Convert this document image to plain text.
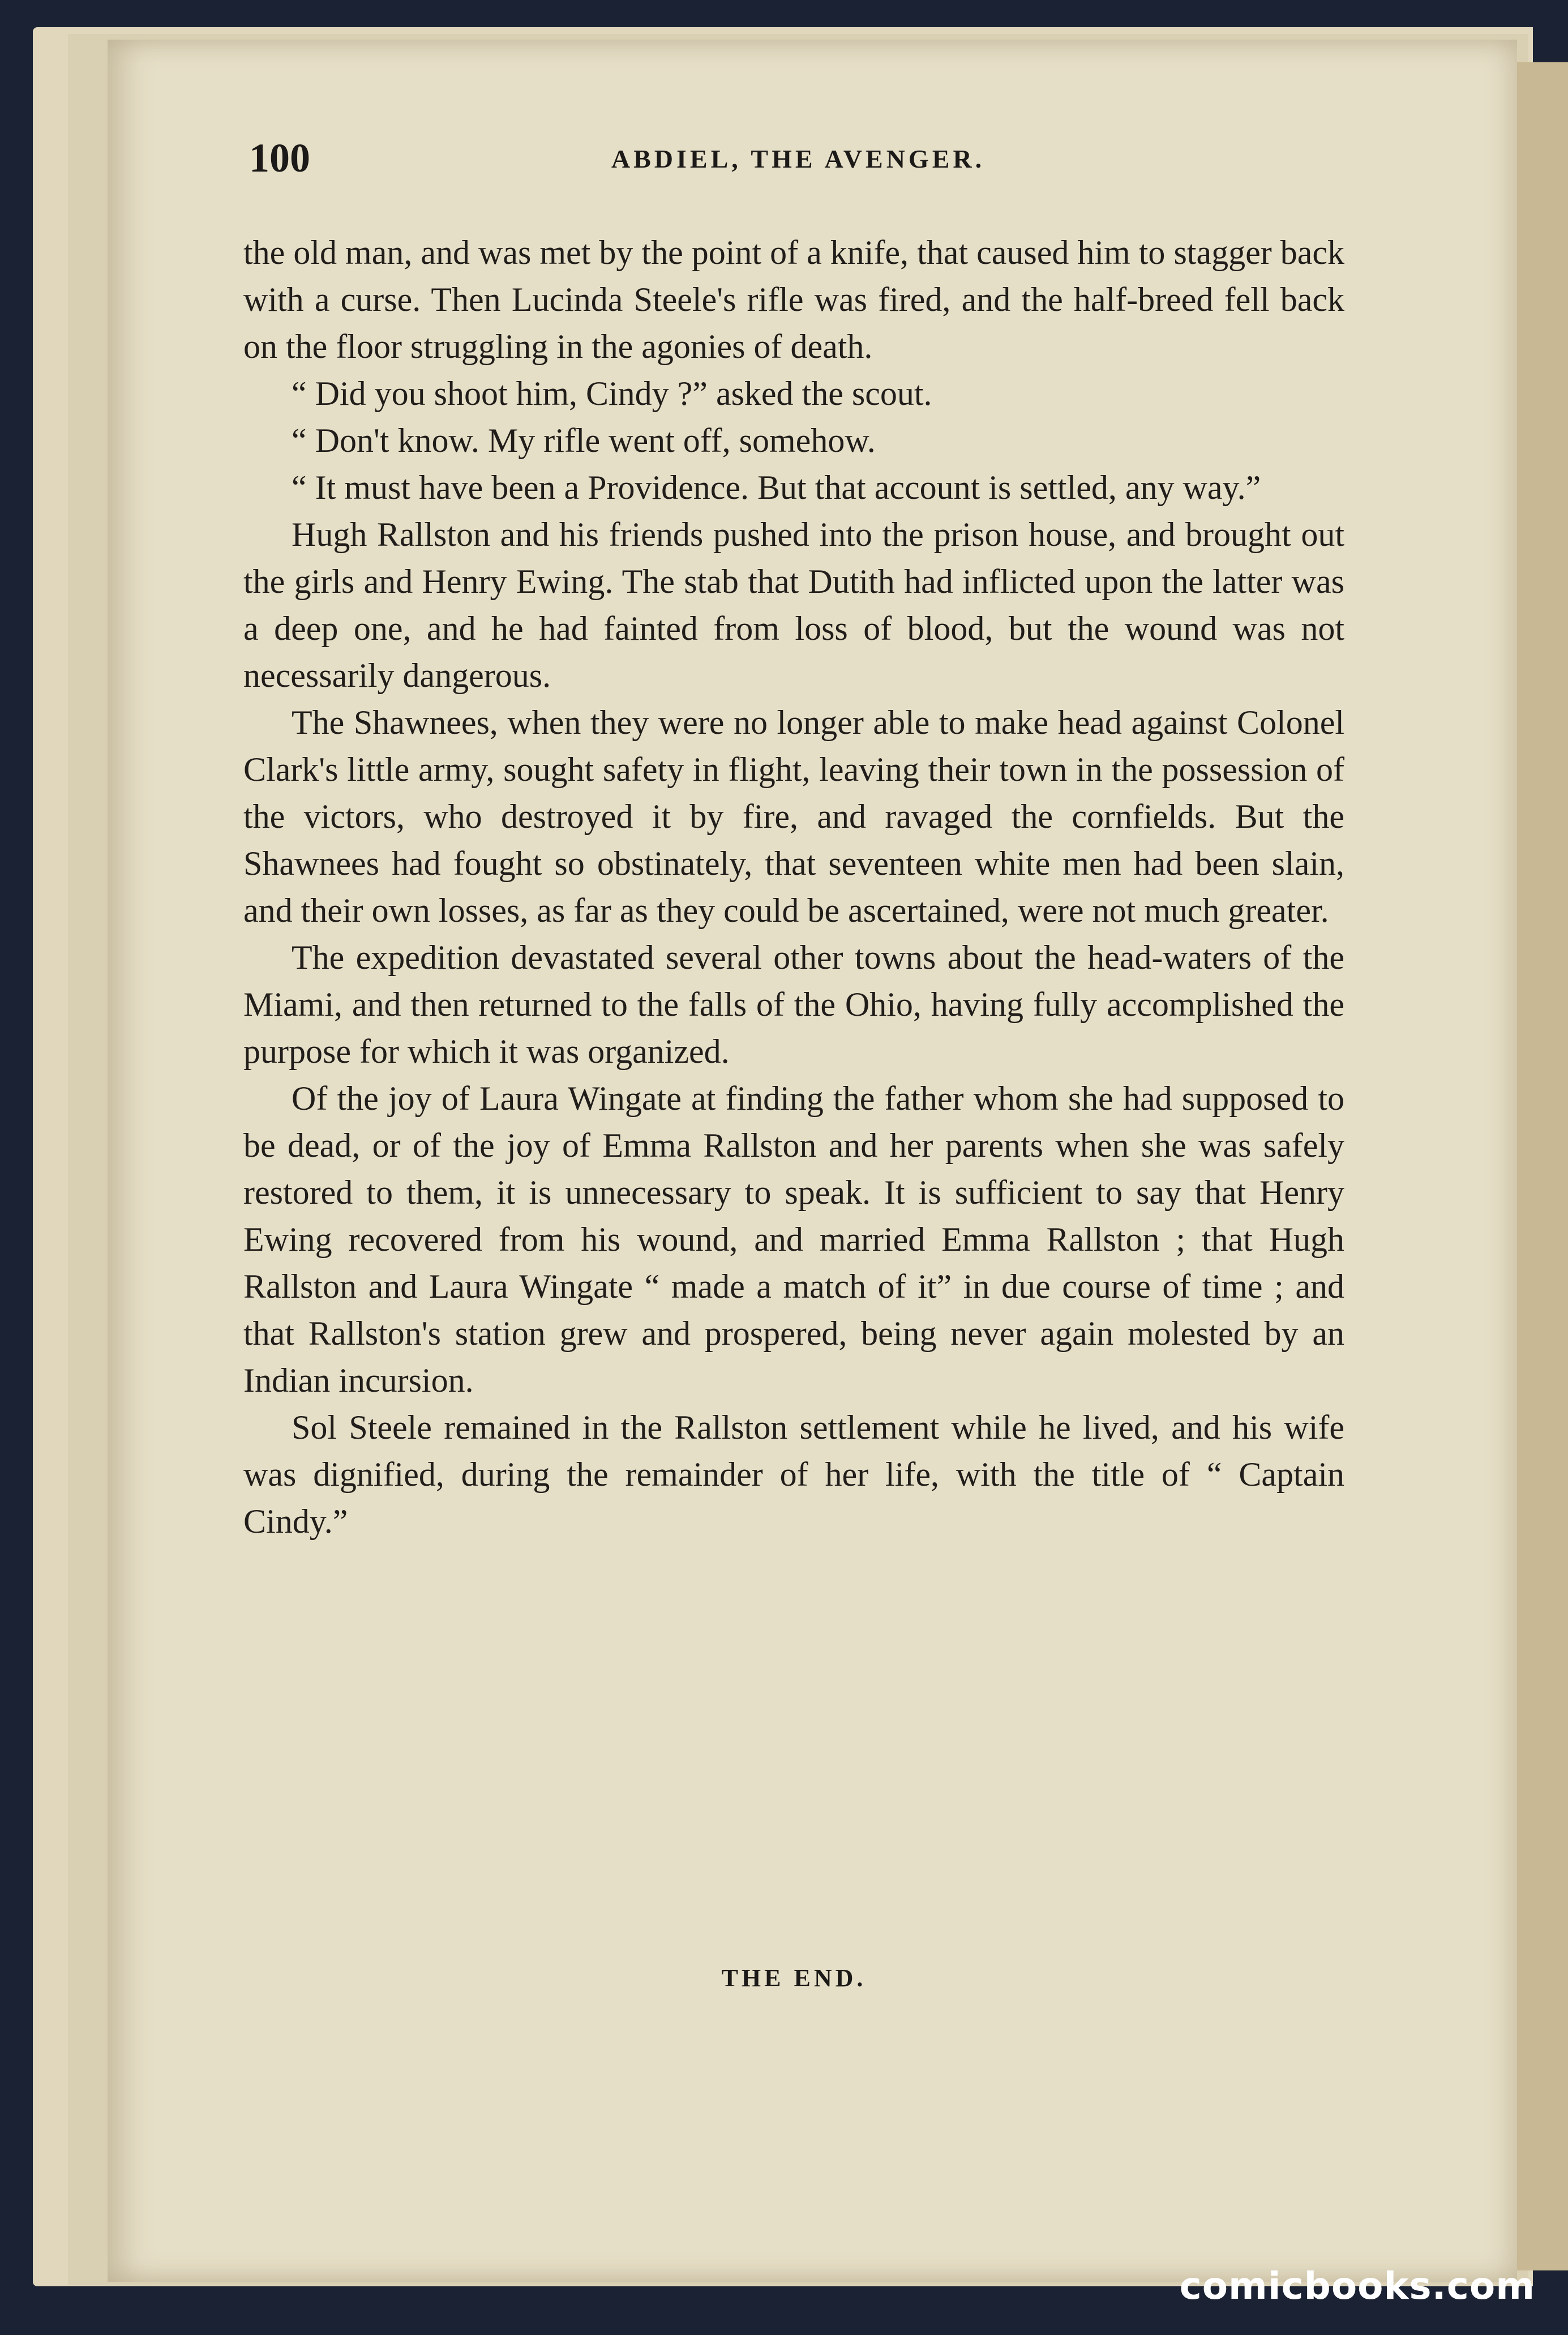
100	ABDIEL, THE AVENGER.

the old man, and was met by the point of a knife, that caused him to stagger back with a curse. Then Lucinda Steele's rifle was fired, and the half-breed fell back on the floor struggling in the agonies of death.

“ Did you shoot him, Cindy ?” asked the scout.

“ Don't know. My rifle went off, somehow.

“ It must have been a Providence. But that account is settled, any way.”

Hugh Rallston and his friends pushed into the prison house, and brought out the girls and Henry Ewing. The stab that Dutith had inflicted upon the latter was a deep one, and he had fainted from loss of blood, but the wound was not necessarily dangerous.

The Shawnees, when they were no longer able to make head against Colonel Clark's little army, sought safety in flight, leaving their town in the possession of the victors, who destroyed it by fire, and ravaged the cornfields. But the Shawnees had fought so obstinately, that seventeen white men had been slain, and their own losses, as far as they could be ascertained, were not much greater.

The expedition devastated several other towns about the head-waters of the Miami, and then returned to the falls of the Ohio, having fully accomplished the purpose for which it was organized.

Of the joy of Laura Wingate at finding the father whom she had supposed to be dead, or of the joy of Emma Rallston and her parents when she was safely restored to them, it is unnecessary to speak. It is sufficient to say that Henry Ewing recovered from his wound, and married Emma Rallston ; that Hugh Rallston and Laura Wingate “ made a match of it” in due course of time ; and that Rallston's station grew and prospered, being never again molested by an Indian incursion.

Sol Steele remained in the Rallston settlement while he lived, and his wife was dignified, during the remainder of her life, with the title of “ Captain Cindy.”

THE END.
comicbooks.com
